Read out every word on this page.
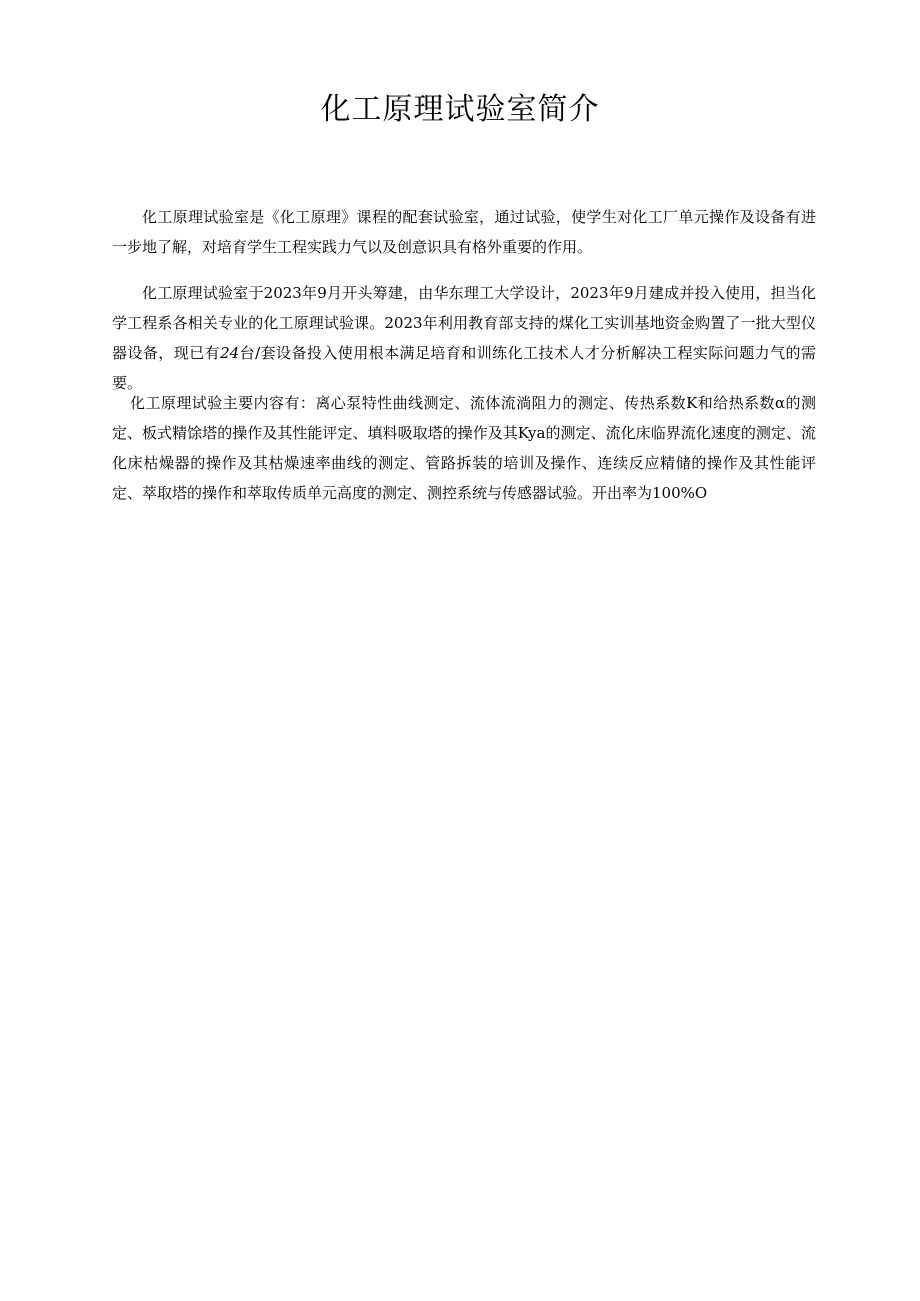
化工原理试验室简介

化工原理试验室是《化工原理》课程的配套试验室，通过试验，使学生对化工厂单元操作及设备有进一步地了解，对培育学生工程实践力气以及创意识具有格外重要的作用。

化工原理试验室于2023年9月开头筹建，由华东理工大学设计，2023年9月建成并投入使用，担当化学工程系各相关专业的化工原理试验课。2023年利用教育部支持的煤化工实训基地资金购置了一批大型仪器设备，现已有24台/套设备投入使用根本满足培育和训练化工技术人才分析解决工程实际问题力气的需要。

化工原理试验主要内容有：离心泵特性曲线测定、流体流淌阻力的测定、传热系数K和给热系数α的测定、板式精馀塔的操作及其性能评定、填料吸取塔的操作及其Kya的测定、流化床临界流化速度的测定、流化床枯燥器的操作及其枯燥速率曲线的测定、管路拆装的培训及操作、连续反应精储的操作及其性能评定、萃取塔的操作和萃取传质单元高度的测定、测控系统与传感器试验。开出率为100%O
